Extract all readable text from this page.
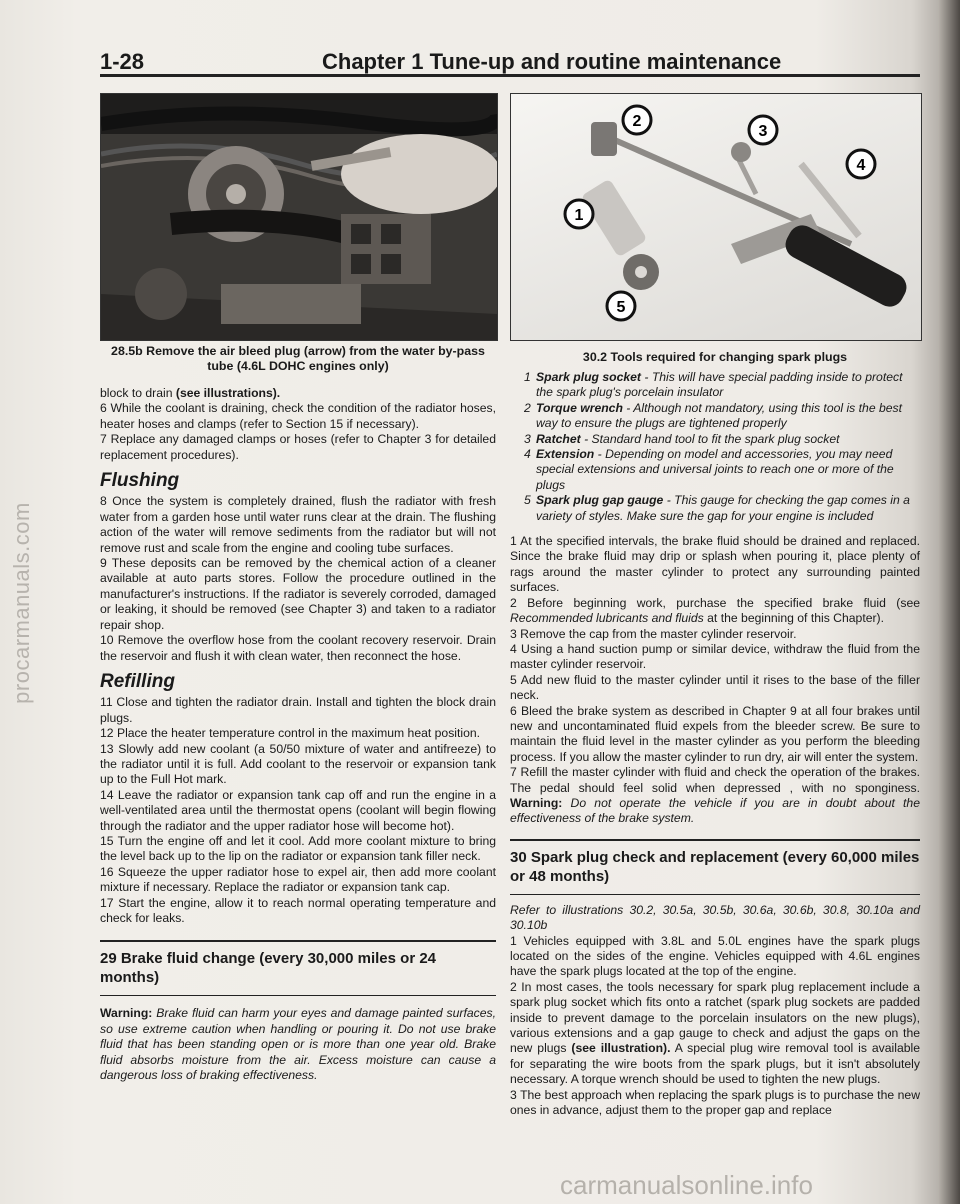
procarmanuals.com
carmanualsonline.info
1-28	Chapter 1 Tune-up and routine maintenance
28.5b Remove the air bleed plug (arrow) from the water by-pass tube (4.6L DOHC engines only)
1
2
3
4
5
30.2 Tools required for changing spark plugs

block to drain (see illustrations).

6 While the coolant is draining, check the condition of the radiator hoses, heater hoses and clamps (refer to Section 15 if necessary).

7 Replace any damaged clamps or hoses (refer to Chapter 3 for detailed replacement procedures).

Flushing

8 Once the system is completely drained, flush the radiator with fresh water from a garden hose until water runs clear at the drain. The flushing action of the water will remove sediments from the radiator but will not remove rust and scale from the engine and cooling tube surfaces.

9 These deposits can be removed by the chemical action of a cleaner available at auto parts stores. Follow the procedure outlined in the manufacturer's instructions. If the radiator is severely corroded, damaged or leaking, it should be removed (see Chapter 3) and taken to a radiator repair shop.

10 Remove the overflow hose from the coolant recovery reservoir. Drain the reservoir and flush it with clean water, then reconnect the hose.

Refilling

11 Close and tighten the radiator drain. Install and tighten the block drain plugs.

12 Place the heater temperature control in the maximum heat position.

13 Slowly add new coolant (a 50/50 mixture of water and antifreeze) to the radiator until it is full. Add coolant to the reservoir or expansion tank up to the Full Hot mark.

14 Leave the radiator or expansion tank cap off and run the engine in a well-ventilated area until the thermostat opens (coolant will begin flowing through the radiator and the upper radiator hose will become hot).

15 Turn the engine off and let it cool. Add more coolant mixture to bring the level back up to the lip on the radiator or expansion tank filler neck.

16 Squeeze the upper radiator hose to expel air, then add more coolant mixture if necessary. Replace the radiator or expansion tank cap.

17 Start the engine, allow it to reach normal operating temperature and check for leaks.

29 Brake fluid change (every 30,000 miles or 24 months)

Warning: Brake fluid can harm your eyes and damage painted surfaces, so use extreme caution when handling or pouring it. Do not use brake fluid that has been standing open or is more than one year old. Brake fluid absorbs moisture from the air. Excess moisture can cause a dangerous loss of braking effectiveness.

1 Spark plug socket - This will have special padding inside to protect the spark plug's porcelain insulator
2 Torque wrench - Although not mandatory, using this tool is the best way to ensure the plugs are tightened properly
3 Ratchet - Standard hand tool to fit the spark plug socket
4 Extension - Depending on model and accessories, you may need special extensions and universal joints to reach one or more of the plugs
5 Spark plug gap gauge - This gauge for checking the gap comes in a variety of styles. Make sure the gap for your engine is included

1 At the specified intervals, the brake fluid should be drained and replaced. Since the brake fluid may drip or splash when pouring it, place plenty of rags around the master cylinder to protect any surrounding painted surfaces.

2 Before beginning work, purchase the specified brake fluid (see Recommended lubricants and fluids at the beginning of this Chapter).

3 Remove the cap from the master cylinder reservoir.

4 Using a hand suction pump or similar device, withdraw the fluid from the master cylinder reservoir.

5 Add new fluid to the master cylinder until it rises to the base of the filler neck.

6 Bleed the brake system as described in Chapter 9 at all four brakes until new and uncontaminated fluid expels from the bleeder screw. Be sure to maintain the fluid level in the master cylinder as you perform the bleeding process. If you allow the master cylinder to run dry, air will enter the system.

7 Refill the master cylinder with fluid and check the operation of the brakes. The pedal should feel solid when depressed , with no sponginess. Warning: Do not operate the vehicle if you are in doubt about the effectiveness of the brake system.

30 Spark plug check and replacement (every 60,000 miles or 48 months)

Refer to illustrations 30.2, 30.5a, 30.5b, 30.6a, 30.6b, 30.8, 30.10a and 30.10b

1 Vehicles equipped with 3.8L and 5.0L engines have the spark plugs located on the sides of the engine. Vehicles equipped with 4.6L engines have the spark plugs located at the top of the engine.

2 In most cases, the tools necessary for spark plug replacement include a spark plug socket which fits onto a ratchet (spark plug sockets are padded inside to prevent damage to the porcelain insulators on the new plugs), various extensions and a gap gauge to check and adjust the gaps on the new plugs (see illustration). A special plug wire removal tool is available for separating the wire boots from the spark plugs, but it isn't absolutely necessary. A torque wrench should be used to tighten the new plugs.

3 The best approach when replacing the spark plugs is to purchase the new ones in advance, adjust them to the proper gap and replace
